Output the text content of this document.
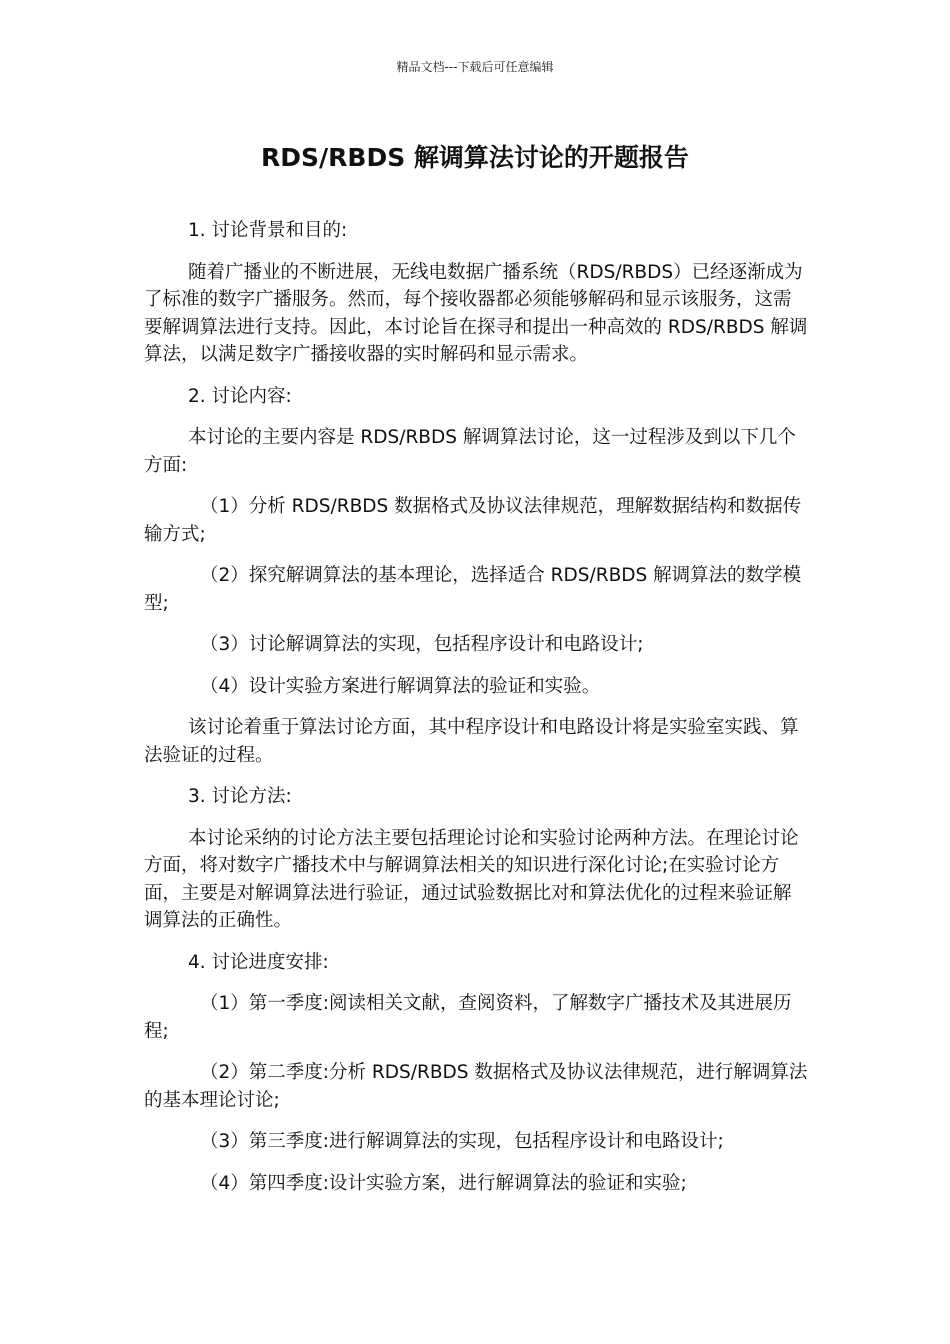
精品文档---下载后可任意编辑
RDS/RBDS 解调算法讨论的开题报告

1. 讨论背景和目的:

随着广播业的不断进展，无线电数据广播系统（RDS/RBDS）已经逐渐成为了标准的数字广播服务。然而，每个接收器都必须能够解码和显示该服务，这需要解调算法进行支持。因此，本讨论旨在探寻和提出一种高效的 RDS/RBDS 解调算法，以满足数字广播接收器的实时解码和显示需求。

2. 讨论内容:

本讨论的主要内容是 RDS/RBDS 解调算法讨论，这一过程涉及到以下几个方面:

（1）分析 RDS/RBDS 数据格式及协议法律规范，理解数据结构和数据传输方式;

（2）探究解调算法的基本理论，选择适合 RDS/RBDS 解调算法的数学模型;

（3）讨论解调算法的实现，包括程序设计和电路设计;

（4）设计实验方案进行解调算法的验证和实验。

该讨论着重于算法讨论方面，其中程序设计和电路设计将是实验室实践、算法验证的过程。

3. 讨论方法:

本讨论采纳的讨论方法主要包括理论讨论和实验讨论两种方法。在理论讨论方面，将对数字广播技术中与解调算法相关的知识进行深化讨论;在实验讨论方面，主要是对解调算法进行验证，通过试验数据比对和算法优化的过程来验证解调算法的正确性。

4. 讨论进度安排:

（1）第一季度:阅读相关文献，查阅资料，了解数字广播技术及其进展历程;

（2）第二季度:分析 RDS/RBDS 数据格式及协议法律规范，进行解调算法的基本理论讨论;

（3）第三季度:进行解调算法的实现，包括程序设计和电路设计;

（4）第四季度:设计实验方案，进行解调算法的验证和实验;
